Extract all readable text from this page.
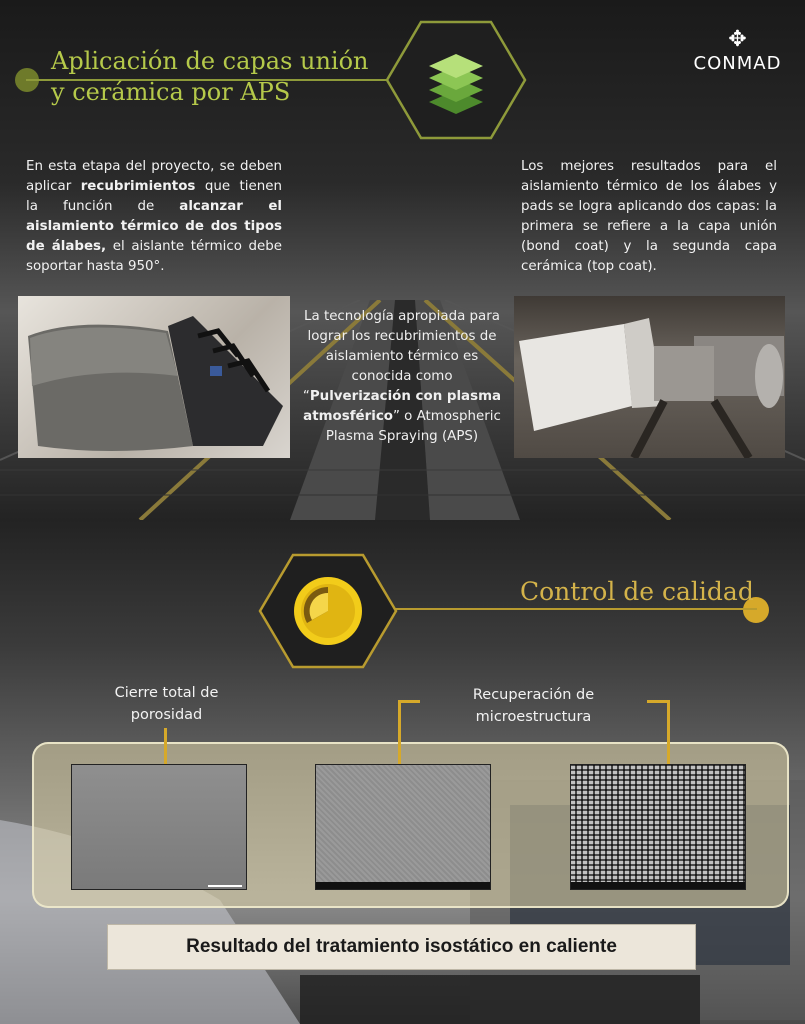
Aplicación de capas unión
y cerámica por APS
✥
CONMAD
En esta etapa del proyecto, se deben aplicar recubrimientos que tienen la función de alcanzar el aislamiento térmico de dos tipos de álabes, el aislante térmico debe soportar hasta 950°.
Los mejores resultados para el aislamiento térmico de los álabes y pads se logra aplicando dos capas: la primera se refiere a la capa unión (bond coat) y la segunda capa cerámica (top coat).
La tecnología apropiada para lograr los recubrimientos de aislamiento térmico es conocida como “Pulverización con plasma atmosférico” o Atmospheric Plasma Spraying (APS)
Control de calidad
Cierre total de porosidad
Recuperación de microestructura
Resultado del tratamiento isostático en caliente
